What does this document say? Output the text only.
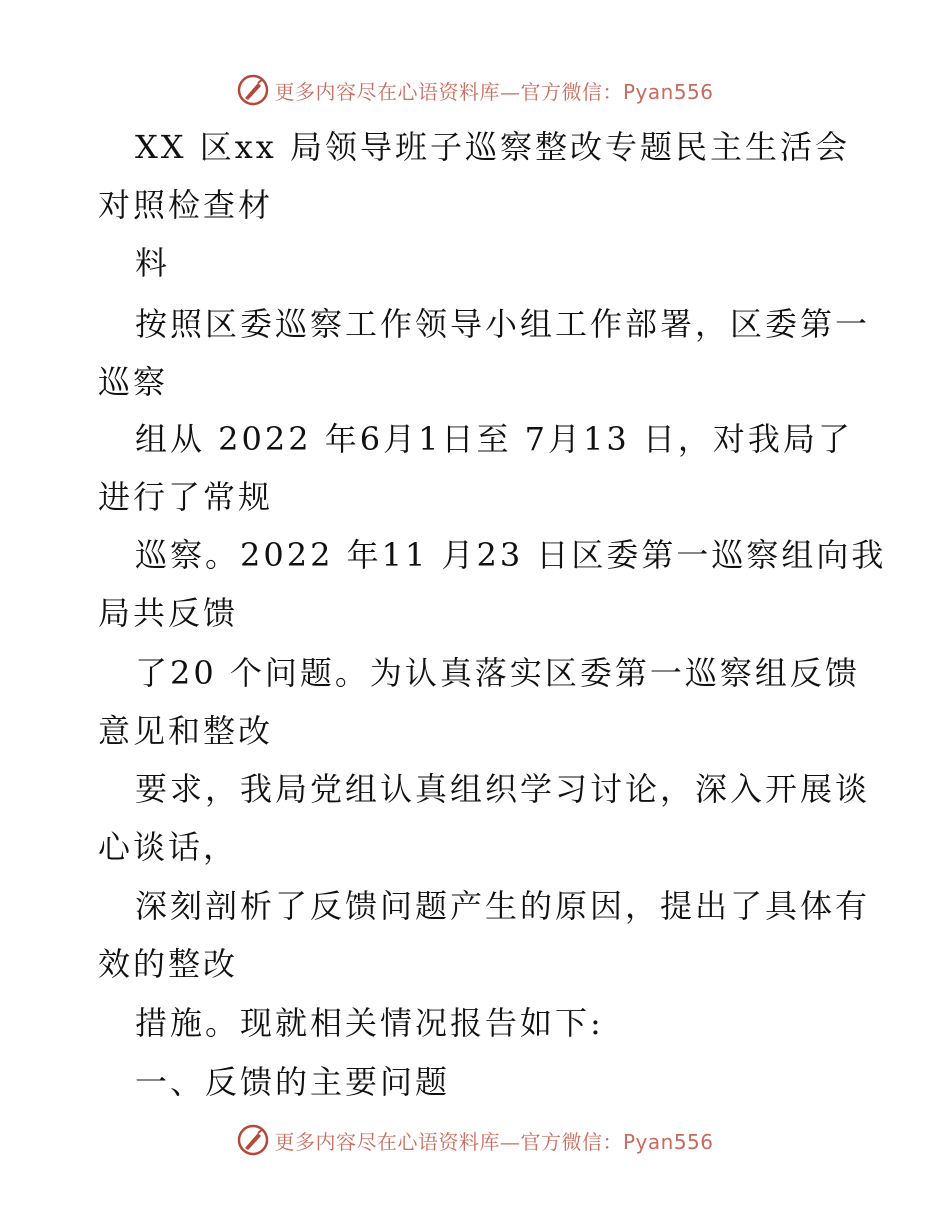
更多内容尽在心语资料库—官方微信：Pyan556
XX 区xx 局领导班子巡察整改专题民主生活会
对照检查材
料
按照区委巡察工作领导小组工作部署，区委第一
巡察
组从 2022 年6月1日至 7月13 日，对我局了
进行了常规
巡察。2022 年11 月23 日区委第一巡察组向我
局共反馈
了20 个问题。为认真落实区委第一巡察组反馈
意见和整改
要求，我局党组认真组织学习讨论，深入开展谈
心谈话，
深刻剖析了反馈问题产生的原因，提出了具体有
效的整改
措施。现就相关情况报告如下:
一、反馈的主要问题
更多内容尽在心语资料库—官方微信：Pyan556
